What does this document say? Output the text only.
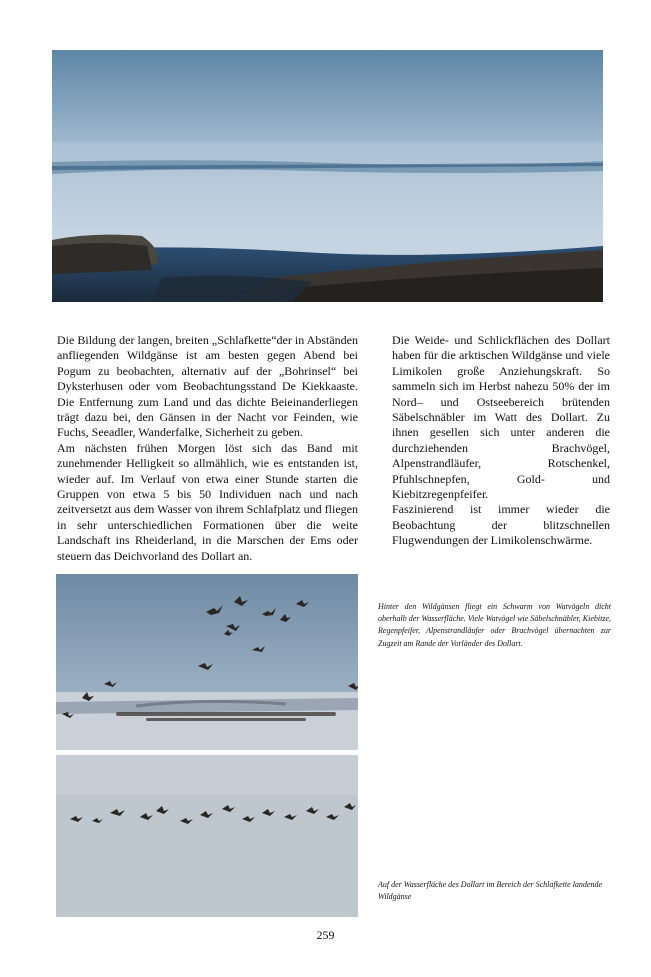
Die Bildung der langen, breiten „Schlafkette“der in Abständen anfliegenden Wildgänse ist am besten gegen Abend bei Pogum zu beobachten, alternativ auf der „Bohrinsel“ bei Dyksterhusen oder vom Beobachtungsstand De Kiekkaaste. Die Entfernung zum Land und das dichte Beieinanderliegen trägt dazu bei, den Gänsen in der Nacht vor Feinden, wie Fuchs, Seeadler, Wanderfalke, Sicherheit zu geben.

Am nächsten frühen Morgen löst sich das Band mit zunehmender Helligkeit so allmählich, wie es entstanden ist, wieder auf. Im Verlauf von etwa einer Stunde starten die Gruppen von etwa 5 bis 50 Individuen nach und nach zeitversetzt aus dem Wasser von ihrem Schlafplatz und fliegen in sehr unterschiedlichen Formationen über die weite Landschaft ins Rheiderland, in die Marschen der Ems oder steuern das Deichvorland des Dollart an.

Die Weide- und Schlickflächen des Dollart haben für die arktischen Wildgänse und viele Limikolen große Anziehungskraft. So sammeln sich im Herbst nahezu 50% der im Nord– und Ostseebereich brütenden Säbelschnäbler im Watt des Dollart. Zu ihnen gesellen sich unter anderen die durchziehenden Brachvögel, Alpenstrandläufer, Rotschenkel, Pfuhlschnepfen, Gold- und Kiebitzregenpfeifer.

Faszinierend ist immer wieder die Beobachtung der blitzschnellen Flugwendungen der Limikolenschwärme.

Hinter den Wildgänsen fliegt ein Schwarm von Watvögeln dicht oberhalb der Wasserfläche. Viele Watvögel wie Säbelschnäbler, Kiebitze, Regenpfeifer, Alpenstrandläufer oder Brachvögel übernachten zur Zugzeit am Rande der Vorländer des Dollart.
Auf der Wasserfläche des Dollart im Bereich der Schlafkette landende Wildgänse
259
